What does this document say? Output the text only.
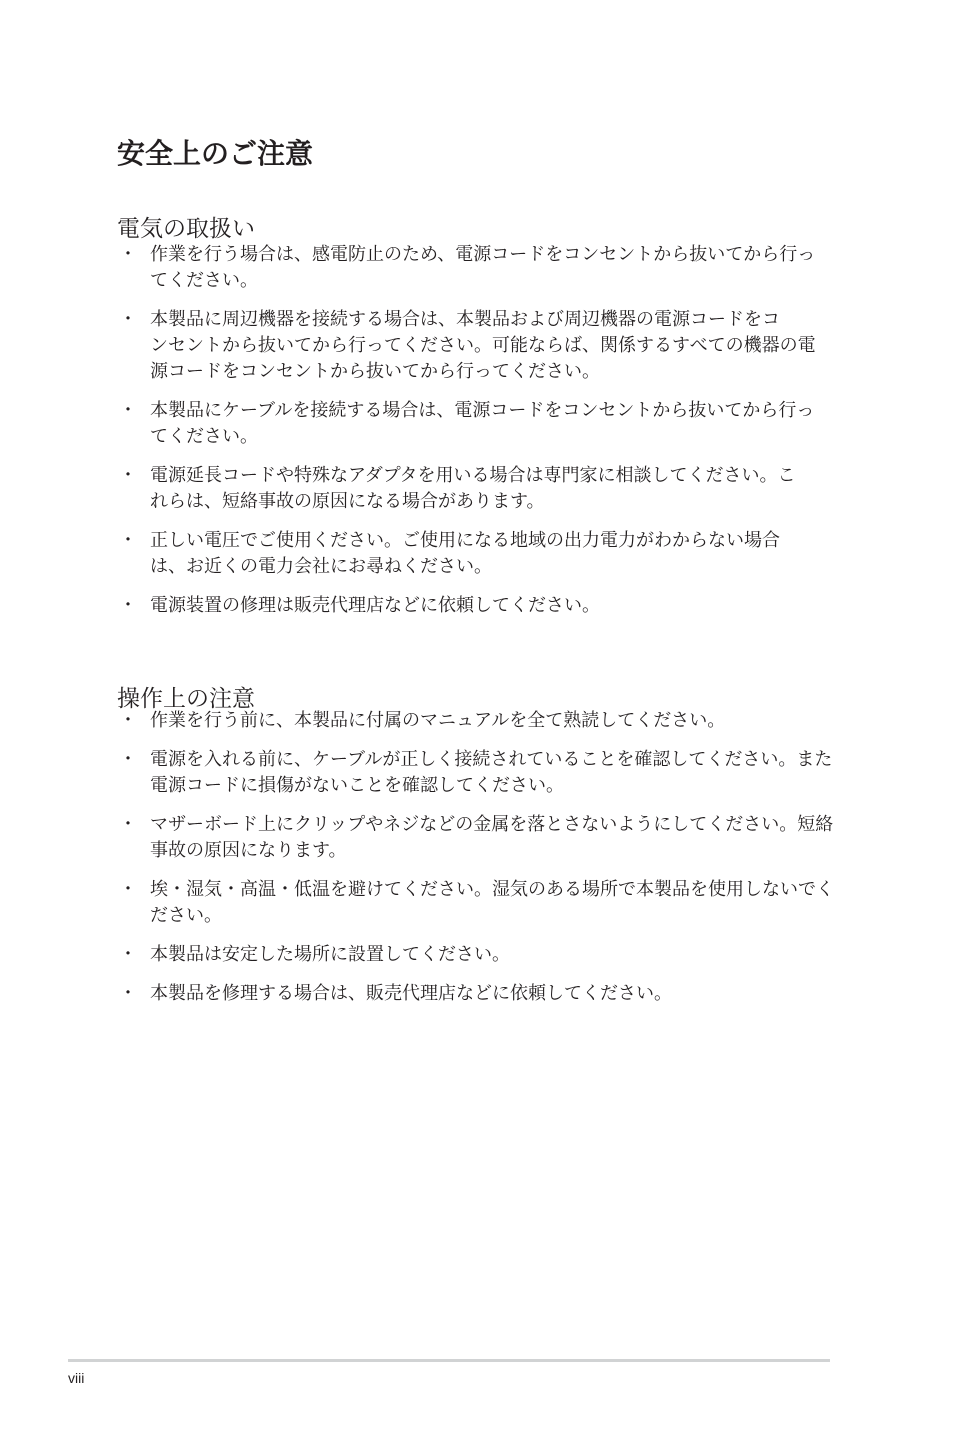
安全上のご注意
電気の取扱い
・ 作業を行う場合は、感電防止のため、電源コードをコンセントから抜いてから行っ
てください。
・ 本製品に周辺機器を接続する場合は、本製品および周辺機器の電源コードをコ
ンセントから抜いてから行ってください。可能ならば、関係するすべての機器の電
源コードをコンセントから抜いてから行ってください。
・ 本製品にケーブルを接続する場合は、電源コードをコンセントから抜いてから行っ
てください。
・ 電源延長コードや特殊なアダプタを用いる場合は専門家に相談してください。こ
れらは、短絡事故の原因になる場合があります。
・ 正しい電圧でご使用ください。ご使用になる地域の出力電力がわからない場合
は、お近くの電力会社にお尋ねください。
・ 電源装置の修理は販売代理店などに依頼してください。
操作上の注意
・ 作業を行う前に、本製品に付属のマニュアルを全て熟読してください。
・ 電源を入れる前に、ケーブルが正しく接続されていることを確認してください。また
電源コードに損傷がないことを確認してください。
・ マザーボード上にクリップやネジなどの金属を落とさないようにしてください。短絡
事故の原因になります。
・ 埃・湿気・高温・低温を避けてください。湿気のある場所で本製品を使用しないでく
ださい。
・ 本製品は安定した場所に設置してください。
・ 本製品を修理する場合は、販売代理店などに依頼してください。
viii
